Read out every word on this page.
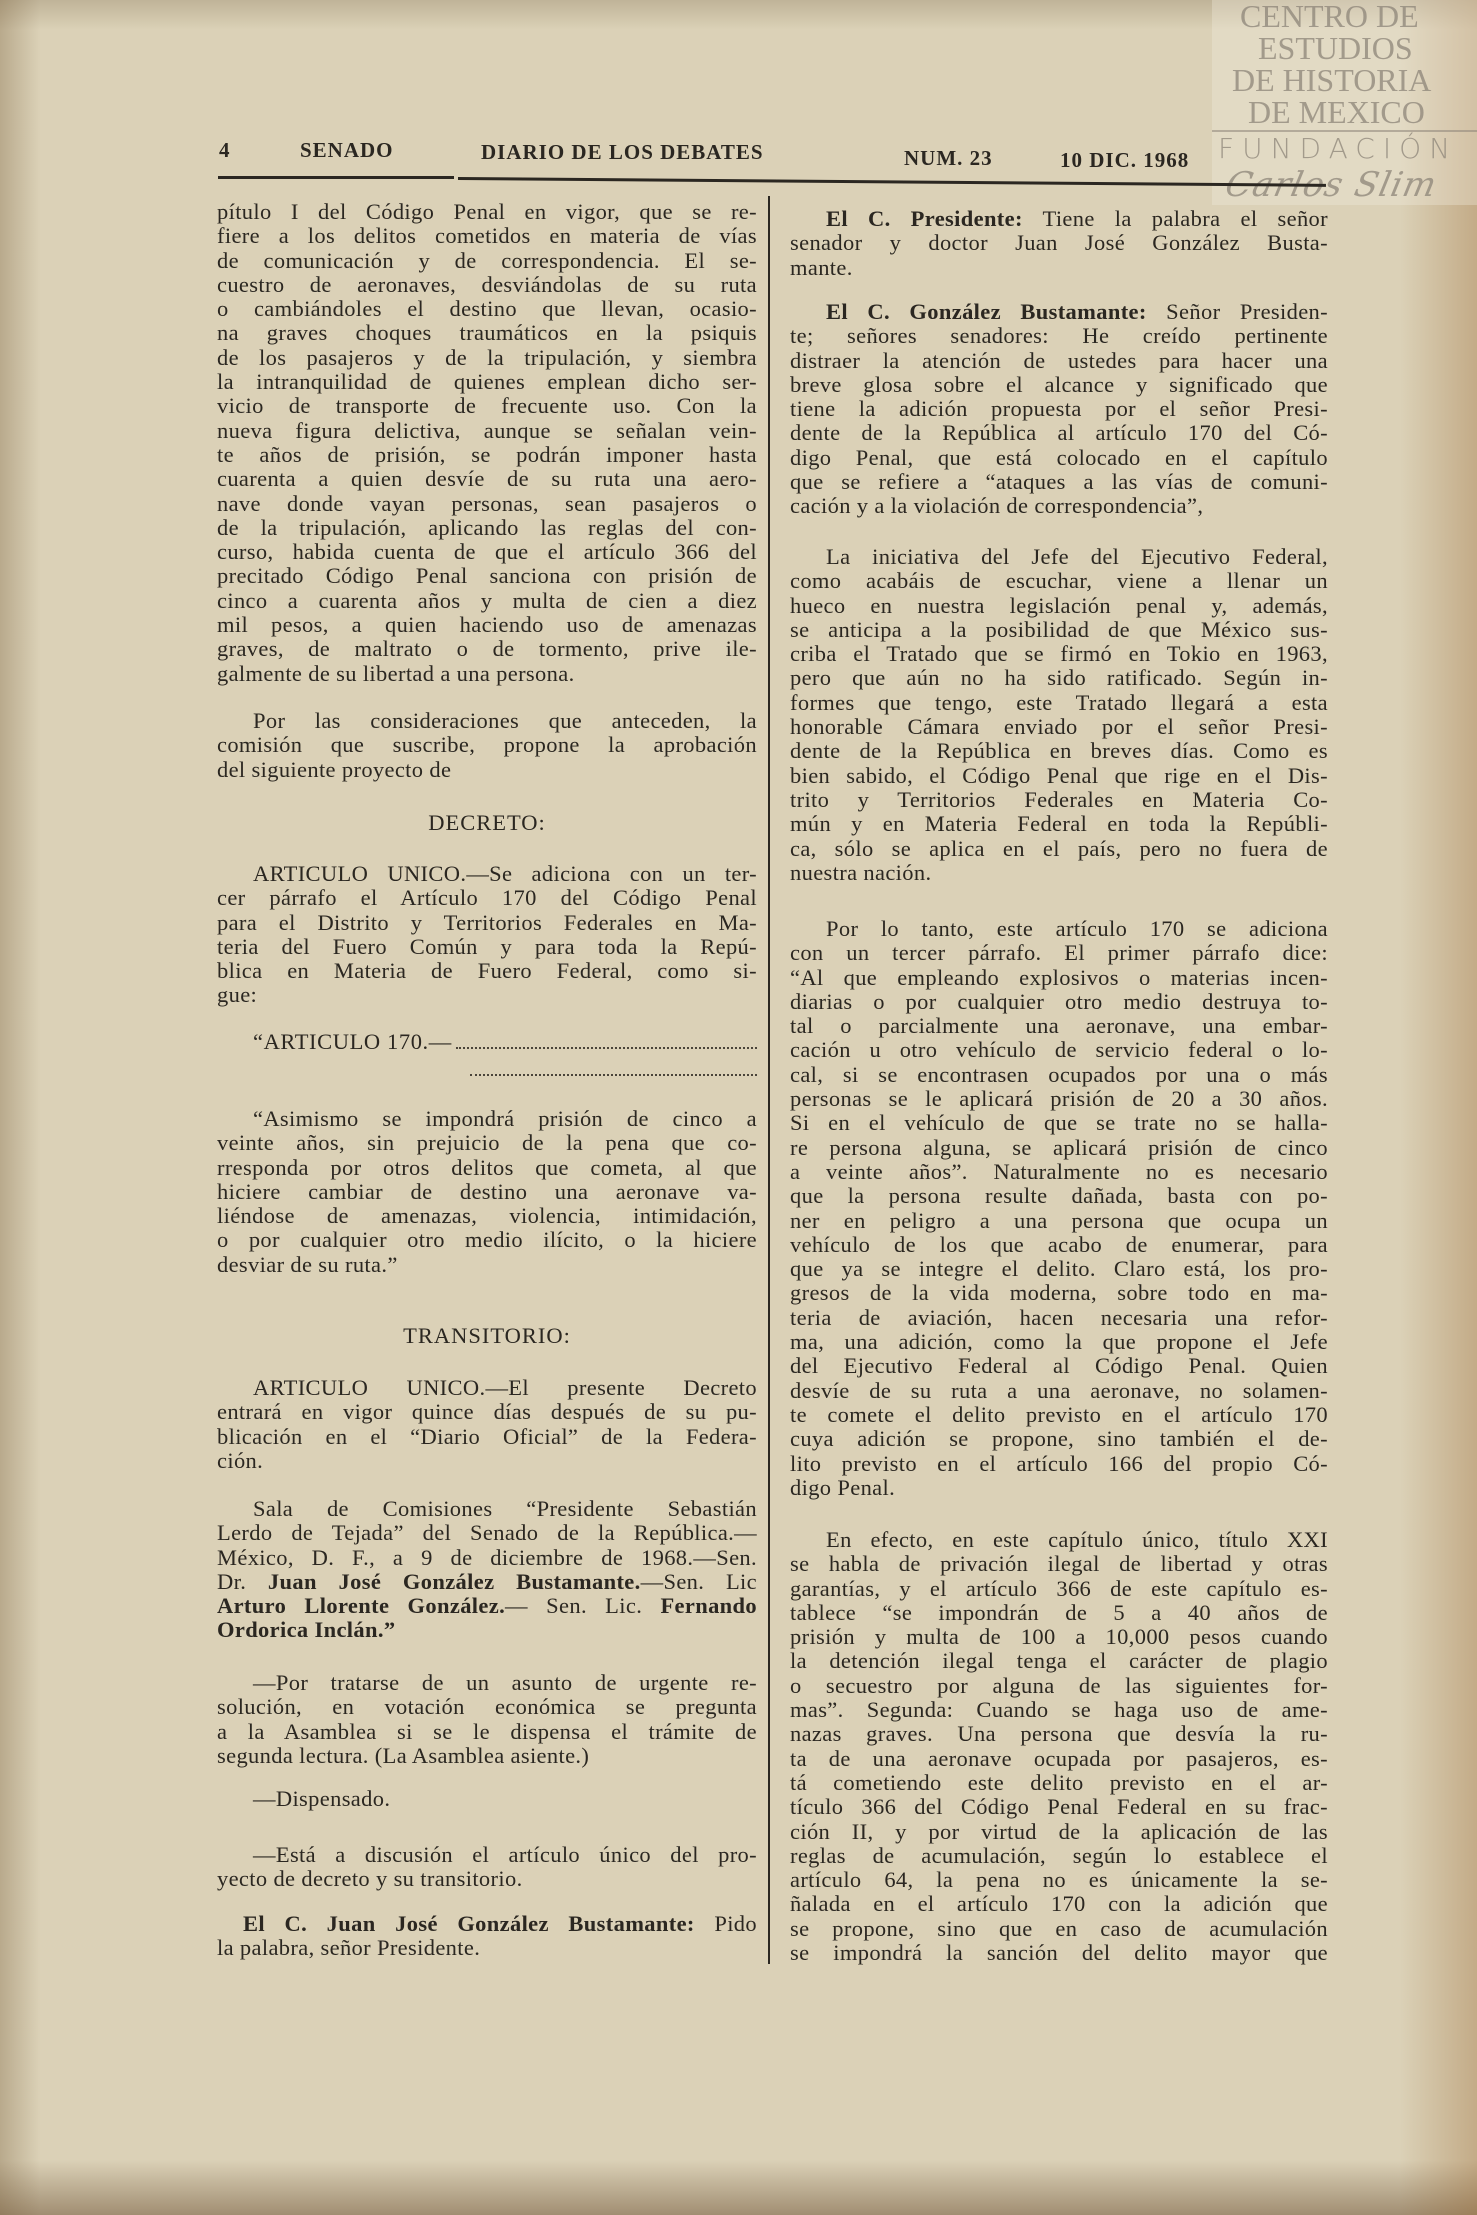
CENTRO DE
ESTUDIOS
DE HISTORIA
DE MEXICO
FUNDACIÓN
Carlos Slim
4	SENADO	DIARIO DE LOS DEBATES	NUM. 23	10 DIC. 1968
pítulo I del Código Penal en vigor, que se re-
fiere a los delitos cometidos en materia de vías
de comunicación y de correspondencia. El se-
cuestro de aeronaves, desviándolas de su ruta
o cambiándoles el destino que llevan, ocasio-
na graves choques traumáticos en la psiquis
de los pasajeros y de la tripulación, y siembra
la intranquilidad de quienes emplean dicho ser-
vicio de transporte de frecuente uso. Con la
nueva figura delictiva, aunque se señalan vein-
te años de prisión, se podrán imponer hasta
cuarenta a quien desvíe de su ruta una aero-
nave donde vayan personas, sean pasajeros o
de la tripulación, aplicando las reglas del con-
curso, habida cuenta de que el artículo 366 del
precitado Código Penal sanciona con prisión de
cinco a cuarenta años y multa de cien a diez
mil pesos, a quien haciendo uso de amenazas
graves, de maltrato o de tormento, prive ile-
galmente de su libertad a una persona.
Por las consideraciones que anteceden, la
comisión que suscribe, propone la aprobación
del siguiente proyecto de
DECRETO:
ARTICULO UNICO.—Se adiciona con un ter-
cer párrafo el Artículo 170 del Código Penal
para el Distrito y Territorios Federales en Ma-
teria del Fuero Común y para toda la Repú-
blica en Materia de Fuero Federal, como si-
gue:
“ARTICULO 170.—
“Asimismo se impondrá prisión de cinco a
veinte años, sin prejuicio de la pena que co-
rresponda por otros delitos que cometa, al que
hiciere cambiar de destino una aeronave va-
liéndose de amenazas, violencia, intimidación,
o por cualquier otro medio ilícito, o la hiciere
desviar de su ruta.”
TRANSITORIO:
ARTICULO UNICO.—El presente Decreto
entrará en vigor quince días después de su pu-
blicación en el “Diario Oficial” de la Federa-
ción.
Sala de Comisiones “Presidente Sebastián
Lerdo de Tejada” del Senado de la República.—
México, D. F., a 9 de diciembre de 1968.—Sen.
Dr. Juan José González Bustamante.—Sen. Lic
Arturo Llorente González.— Sen. Lic. Fernando
Ordorica Inclán.”
—Por tratarse de un asunto de urgente re-
solución, en votación económica se pregunta
a la Asamblea si se le dispensa el trámite de
segunda lectura. (La Asamblea asiente.)
—Dispensado.
—Está a discusión el artículo único del pro-
yecto de decreto y su transitorio.
El C. Juan José González Bustamante: Pido
la palabra, señor Presidente.
El C. Presidente: Tiene la palabra el señor
senador y doctor Juan José González Busta-
mante.
El C. González Bustamante: Señor Presiden-
te; señores senadores: He creído pertinente
distraer la atención de ustedes para hacer una
breve glosa sobre el alcance y significado que
tiene la adición propuesta por el señor Presi-
dente de la República al artículo 170 del Có-
digo Penal, que está colocado en el capítulo
que se refiere a “ataques a las vías de comuni-
cación y a la violación de correspondencia”,
La iniciativa del Jefe del Ejecutivo Federal,
como acabáis de escuchar, viene a llenar un
hueco en nuestra legislación penal y, además,
se anticipa a la posibilidad de que México sus-
criba el Tratado que se firmó en Tokio en 1963,
pero que aún no ha sido ratificado. Según in-
formes que tengo, este Tratado llegará a esta
honorable Cámara enviado por el señor Presi-
dente de la República en breves días. Como es
bien sabido, el Código Penal que rige en el Dis-
trito y Territorios Federales en Materia Co-
mún y en Materia Federal en toda la Repúbli-
ca, sólo se aplica en el país, pero no fuera de
nuestra nación.
Por lo tanto, este artículo 170 se adiciona
con un tercer párrafo. El primer párrafo dice:
“Al que empleando explosivos o materias incen-
diarias o por cualquier otro medio destruya to-
tal o parcialmente una aeronave, una embar-
cación u otro vehículo de servicio federal o lo-
cal, si se encontrasen ocupados por una o más
personas se le aplicará prisión de 20 a 30 años.
Si en el vehículo de que se trate no se halla-
re persona alguna, se aplicará prisión de cinco
a veinte años”. Naturalmente no es necesario
que la persona resulte dañada, basta con po-
ner en peligro a una persona que ocupa un
vehículo de los que acabo de enumerar, para
que ya se integre el delito. Claro está, los pro-
gresos de la vida moderna, sobre todo en ma-
teria de aviación, hacen necesaria una refor-
ma, una adición, como la que propone el Jefe
del Ejecutivo Federal al Código Penal. Quien
desvíe de su ruta a una aeronave, no solamen-
te comete el delito previsto en el artículo 170
cuya adición se propone, sino también el de-
lito previsto en el artículo 166 del propio Có-
digo Penal.
En efecto, en este capítulo único, título XXI
se habla de privación ilegal de libertad y otras
garantías, y el artículo 366 de este capítulo es-
tablece “se impondrán de 5 a 40 años de
prisión y multa de 100 a 10,000 pesos cuando
la detención ilegal tenga el carácter de plagio
o secuestro por alguna de las siguientes for-
mas”. Segunda: Cuando se haga uso de ame-
nazas graves. Una persona que desvía la ru-
ta de una aeronave ocupada por pasajeros, es-
tá cometiendo este delito previsto en el ar-
tículo 366 del Código Penal Federal en su frac-
ción II, y por virtud de la aplicación de las
reglas de acumulación, según lo establece el
artículo 64, la pena no es únicamente la se-
ñalada en el artículo 170 con la adición que
se propone, sino que en caso de acumulación
se impondrá la sanción del delito mayor que
